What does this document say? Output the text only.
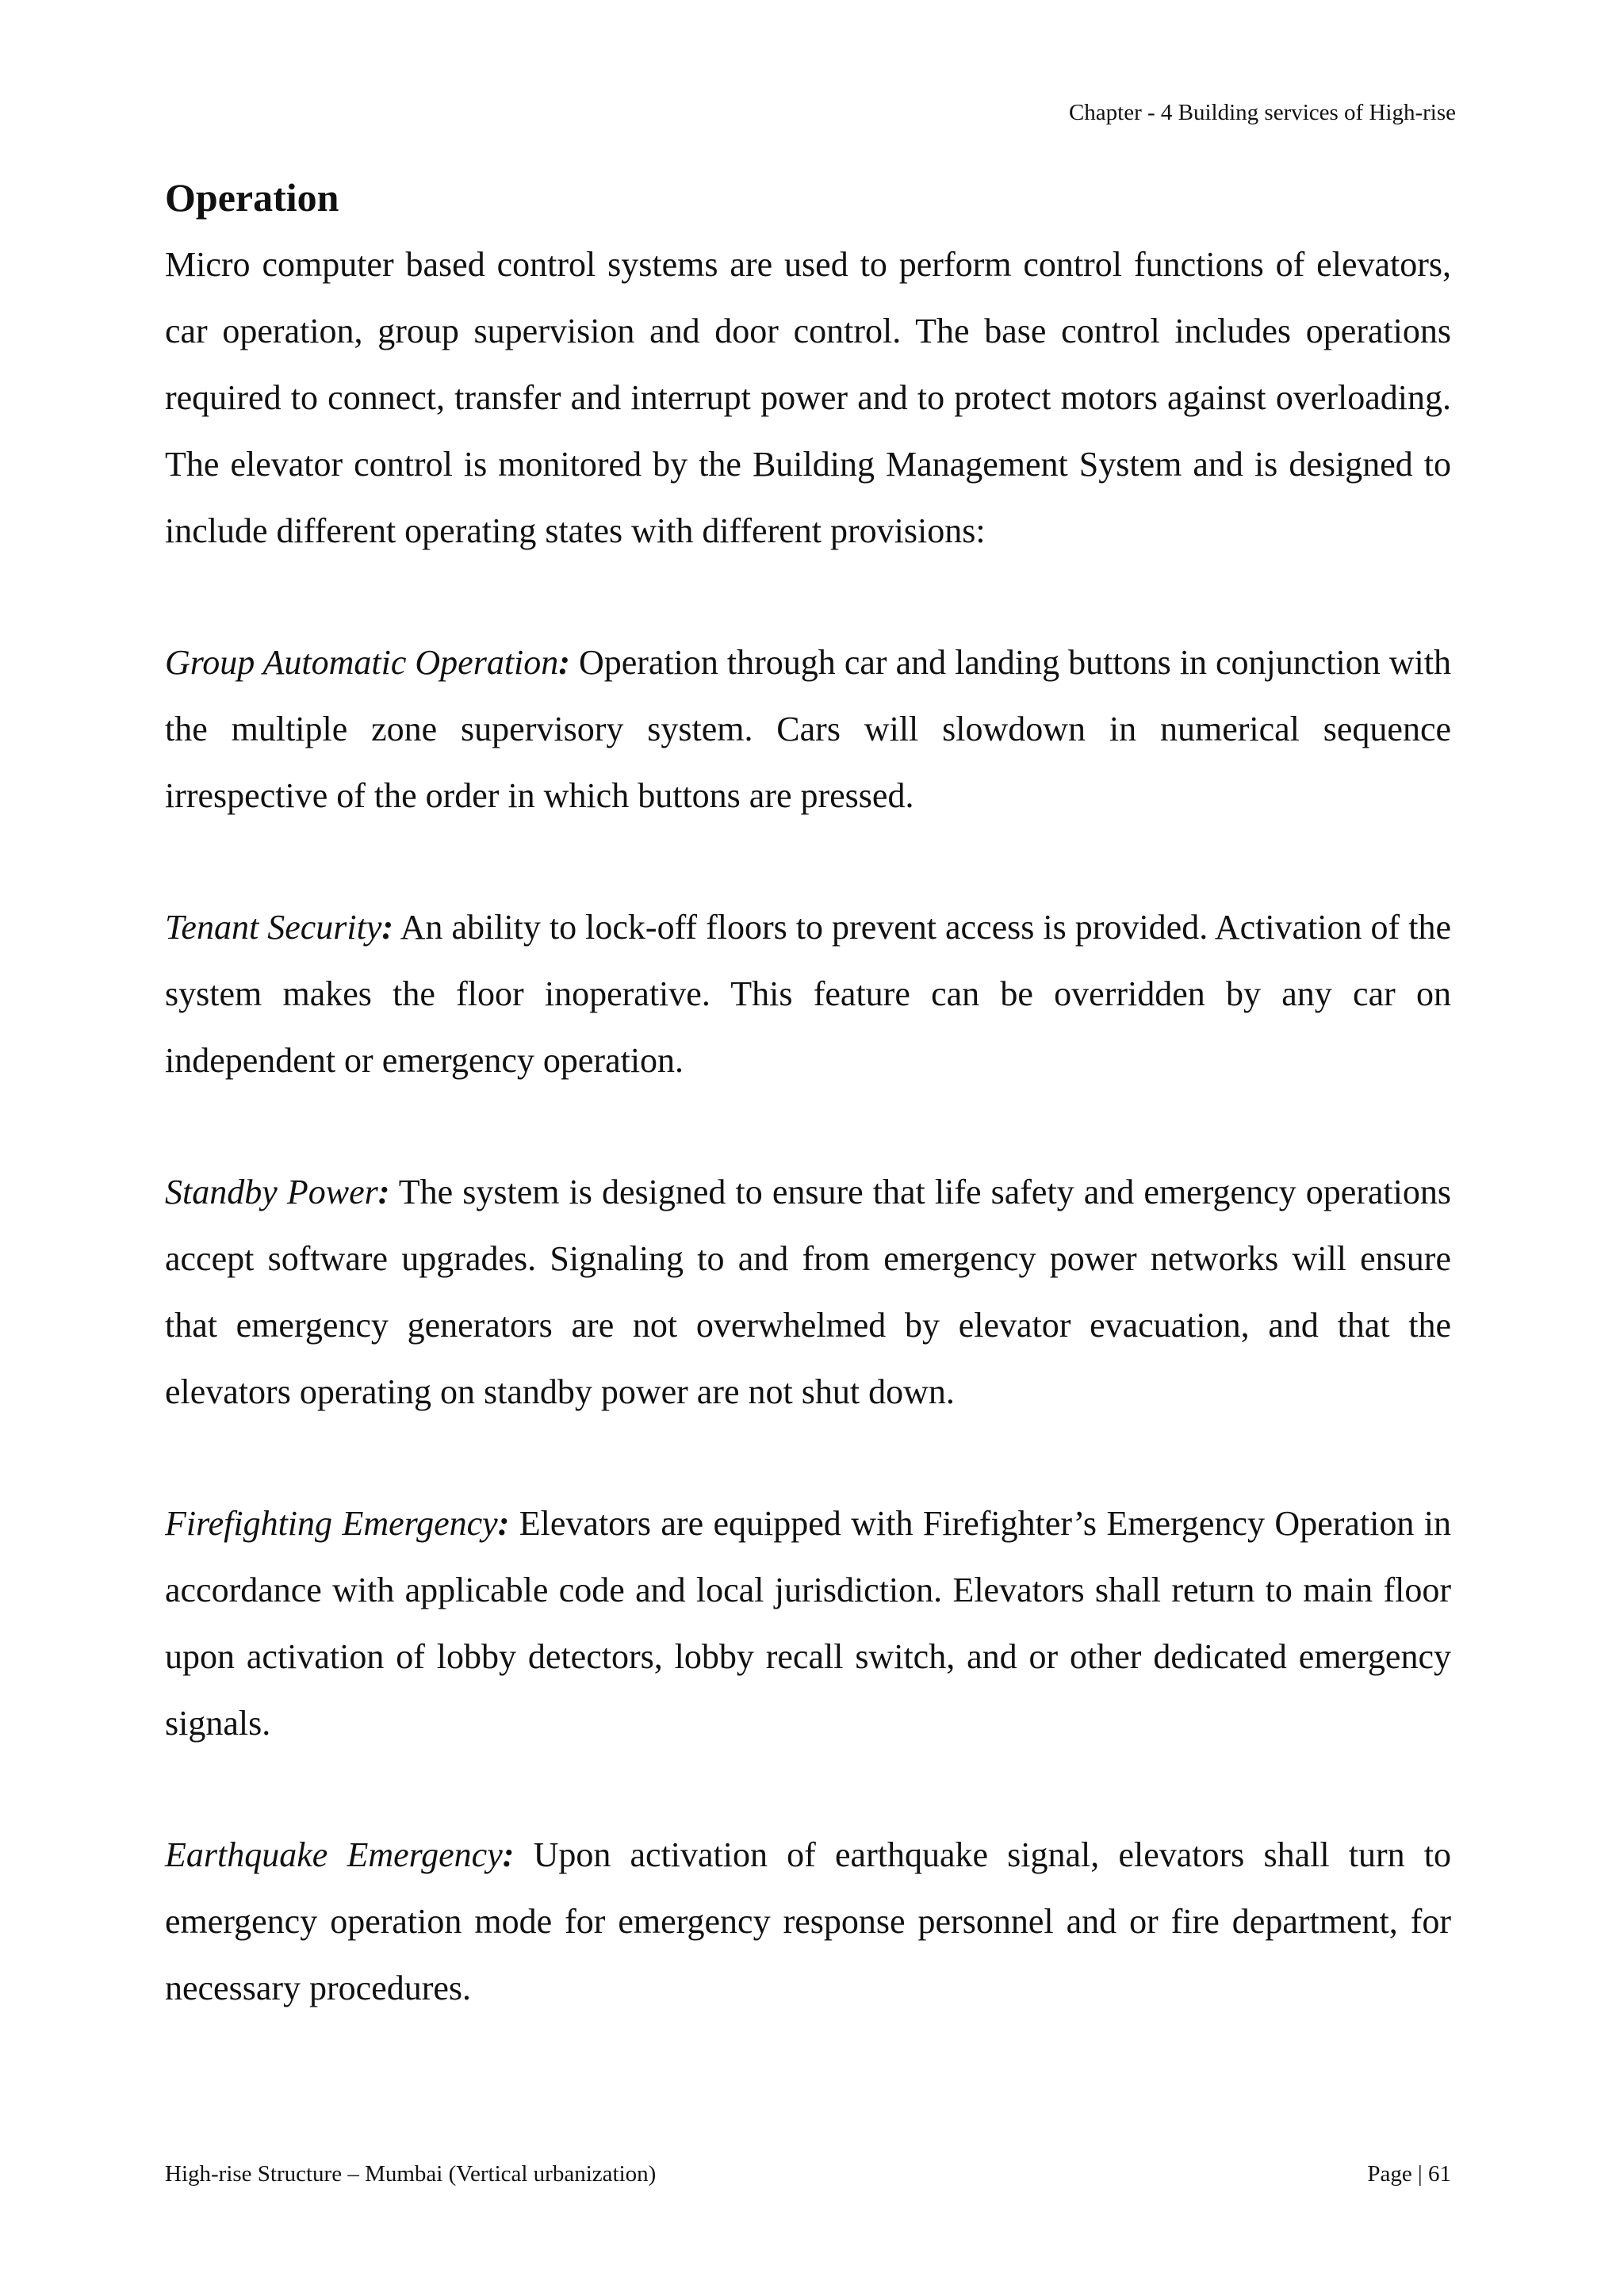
Chapter - 4 Building services of High-rise
Operation

Micro computer based control systems are used to perform control functions of elevators, car operation, group supervision and door control. The base control includes operations required to connect, transfer and interrupt power and to protect motors against overloading. The elevator control is monitored by the Building Management System and is designed to include different operating states with different provisions:

Group Automatic Operation: Operation through car and landing buttons in conjunction with the multiple zone supervisory system. Cars will slowdown in numerical sequence irrespective of the order in which buttons are pressed.

Tenant Security: An ability to lock-off floors to prevent access is provided. Activation of the system makes the floor inoperative. This feature can be overridden by any car on independent or emergency operation.

Standby Power: The system is designed to ensure that life safety and emergency operations accept software upgrades. Signaling to and from emergency power networks will ensure that emergency generators are not overwhelmed by elevator evacuation, and that the elevators operating on standby power are not shut down.

Firefighting Emergency: Elevators are equipped with Firefighter’s Emergency Operation in accordance with applicable code and local jurisdiction. Elevators shall return to main floor upon activation of lobby detectors, lobby recall switch, and or other dedicated emergency signals.

Earthquake Emergency: Upon activation of earthquake signal, elevators shall turn to emergency operation mode for emergency response personnel and or fire department, for necessary procedures.

High-rise Structure – Mumbai (Vertical urbanization)	Page | 61
